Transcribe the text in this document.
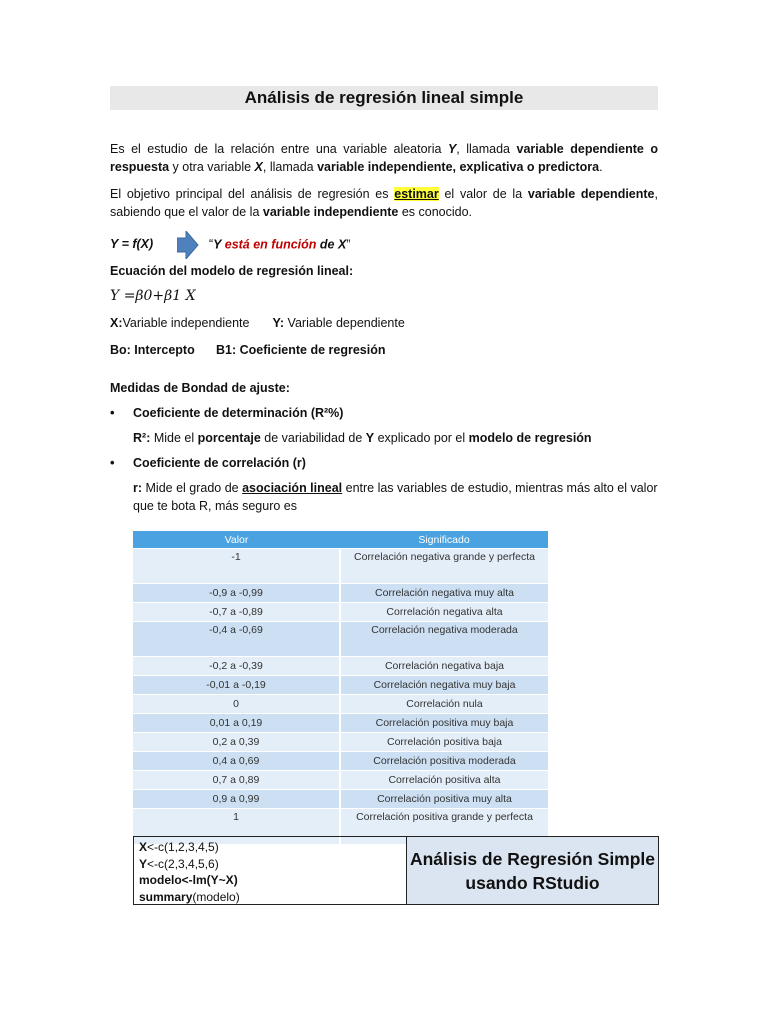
Análisis de regresión lineal simple

Es el estudio de la relación entre una variable aleatoria Y, llamada variable dependiente o respuesta y otra variable X, llamada variable independiente, explicativa o predictora.

El objetivo principal del análisis de regresión es estimar el valor de la variable dependiente, sabiendo que el valor de la variable independiente es conocido.

Y = f(X)	“Y está en función de X”

Ecuación del modelo de regresión lineal:

Y =β0+β1 X

X:Variable independiente Y: Variable dependiente

Bo: Intercepto B1: Coeficiente de regresión

Medidas de Bondad de ajuste:

• Coeficiente de determinación (R²%)

R²: Mide el porcentaje de variabilidad de Y explicado por el modelo de regresión

• Coeficiente de correlación (r)

r: Mide el grado de asociación lineal entre las variables de estudio, mientras más alto el valor que te bota R, más seguro es

Valor	Significado
-1	Correlación negativa grande y perfecta
-0,9 a -0,99	Correlación negativa muy alta
-0,7 a -0,89	Correlación negativa alta
-0,4 a -0,69	Correlación negativa moderada
-0,2 a -0,39	Correlación negativa baja
-0,01 a -0,19	Correlación negativa muy baja
0	Correlación nula
0,01 a 0,19	Correlación positiva muy baja
0,2 a 0,39	Correlación positiva baja
0,4 a 0,69	Correlación positiva moderada
0,7 a 0,89	Correlación positiva alta
0,9 a 0,99	Correlación positiva muy alta
1	Correlación positiva grande y perfecta
X<-c(1,2,3,4,5)
Y<-c(2,3,4,5,6)
modelo<-lm(Y~X)
summary(modelo)
Análisis de Regresión Simple
usando RStudio
